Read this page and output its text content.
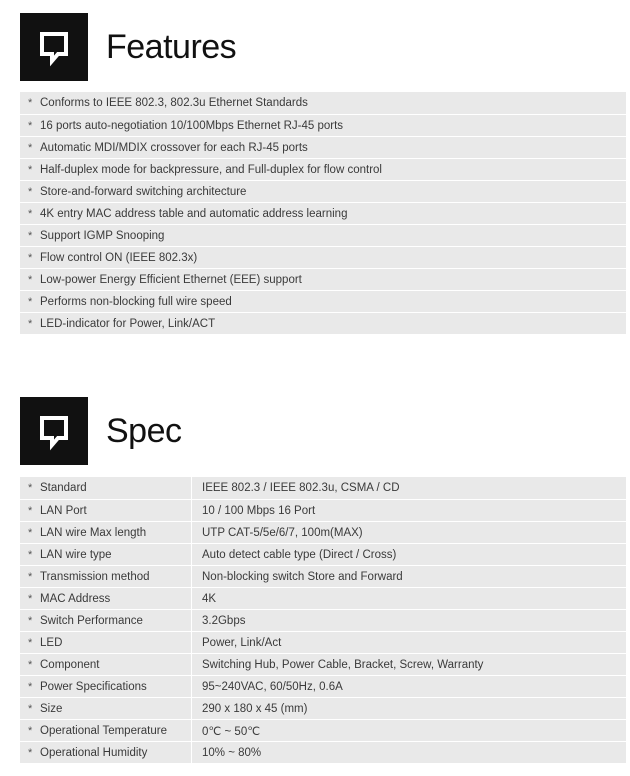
Features
* Conforms to IEEE 802.3, 802.3u Ethernet Standards
* 16 ports auto-negotiation 10/100Mbps Ethernet RJ-45 ports
* Automatic MDI/MDIX crossover for each RJ-45 ports
* Half-duplex mode for backpressure, and Full-duplex for flow control
* Store-and-forward switching architecture
* 4K entry MAC address table and automatic address learning
* Support IGMP Snooping
* Flow control ON (IEEE 802.3x)
* Low-power Energy Efficient Ethernet (EEE) support
* Performs non-blocking full wire speed
* LED-indicator for Power, Link/ACT
Spec
* Standard	IEEE 802.3 / IEEE 802.3u, CSMA / CD
* LAN Port	10 / 100 Mbps 16 Port
* LAN wire Max length	UTP CAT-5/5e/6/7, 100m(MAX)
* LAN wire type	Auto detect cable type (Direct / Cross)
* Transmission method	Non-blocking switch Store and Forward
* MAC Address	4K
* Switch Performance	3.2Gbps
* LED	Power, Link/Act
* Component	Switching Hub, Power Cable, Bracket, Screw, Warranty
* Power Specifications	95~240VAC, 60/50Hz, 0.6A
* Size	290 x 180 x 45 (mm)
* Operational Temperature	0℃ ~ 50℃
* Operational Humidity	10% ~ 80%
